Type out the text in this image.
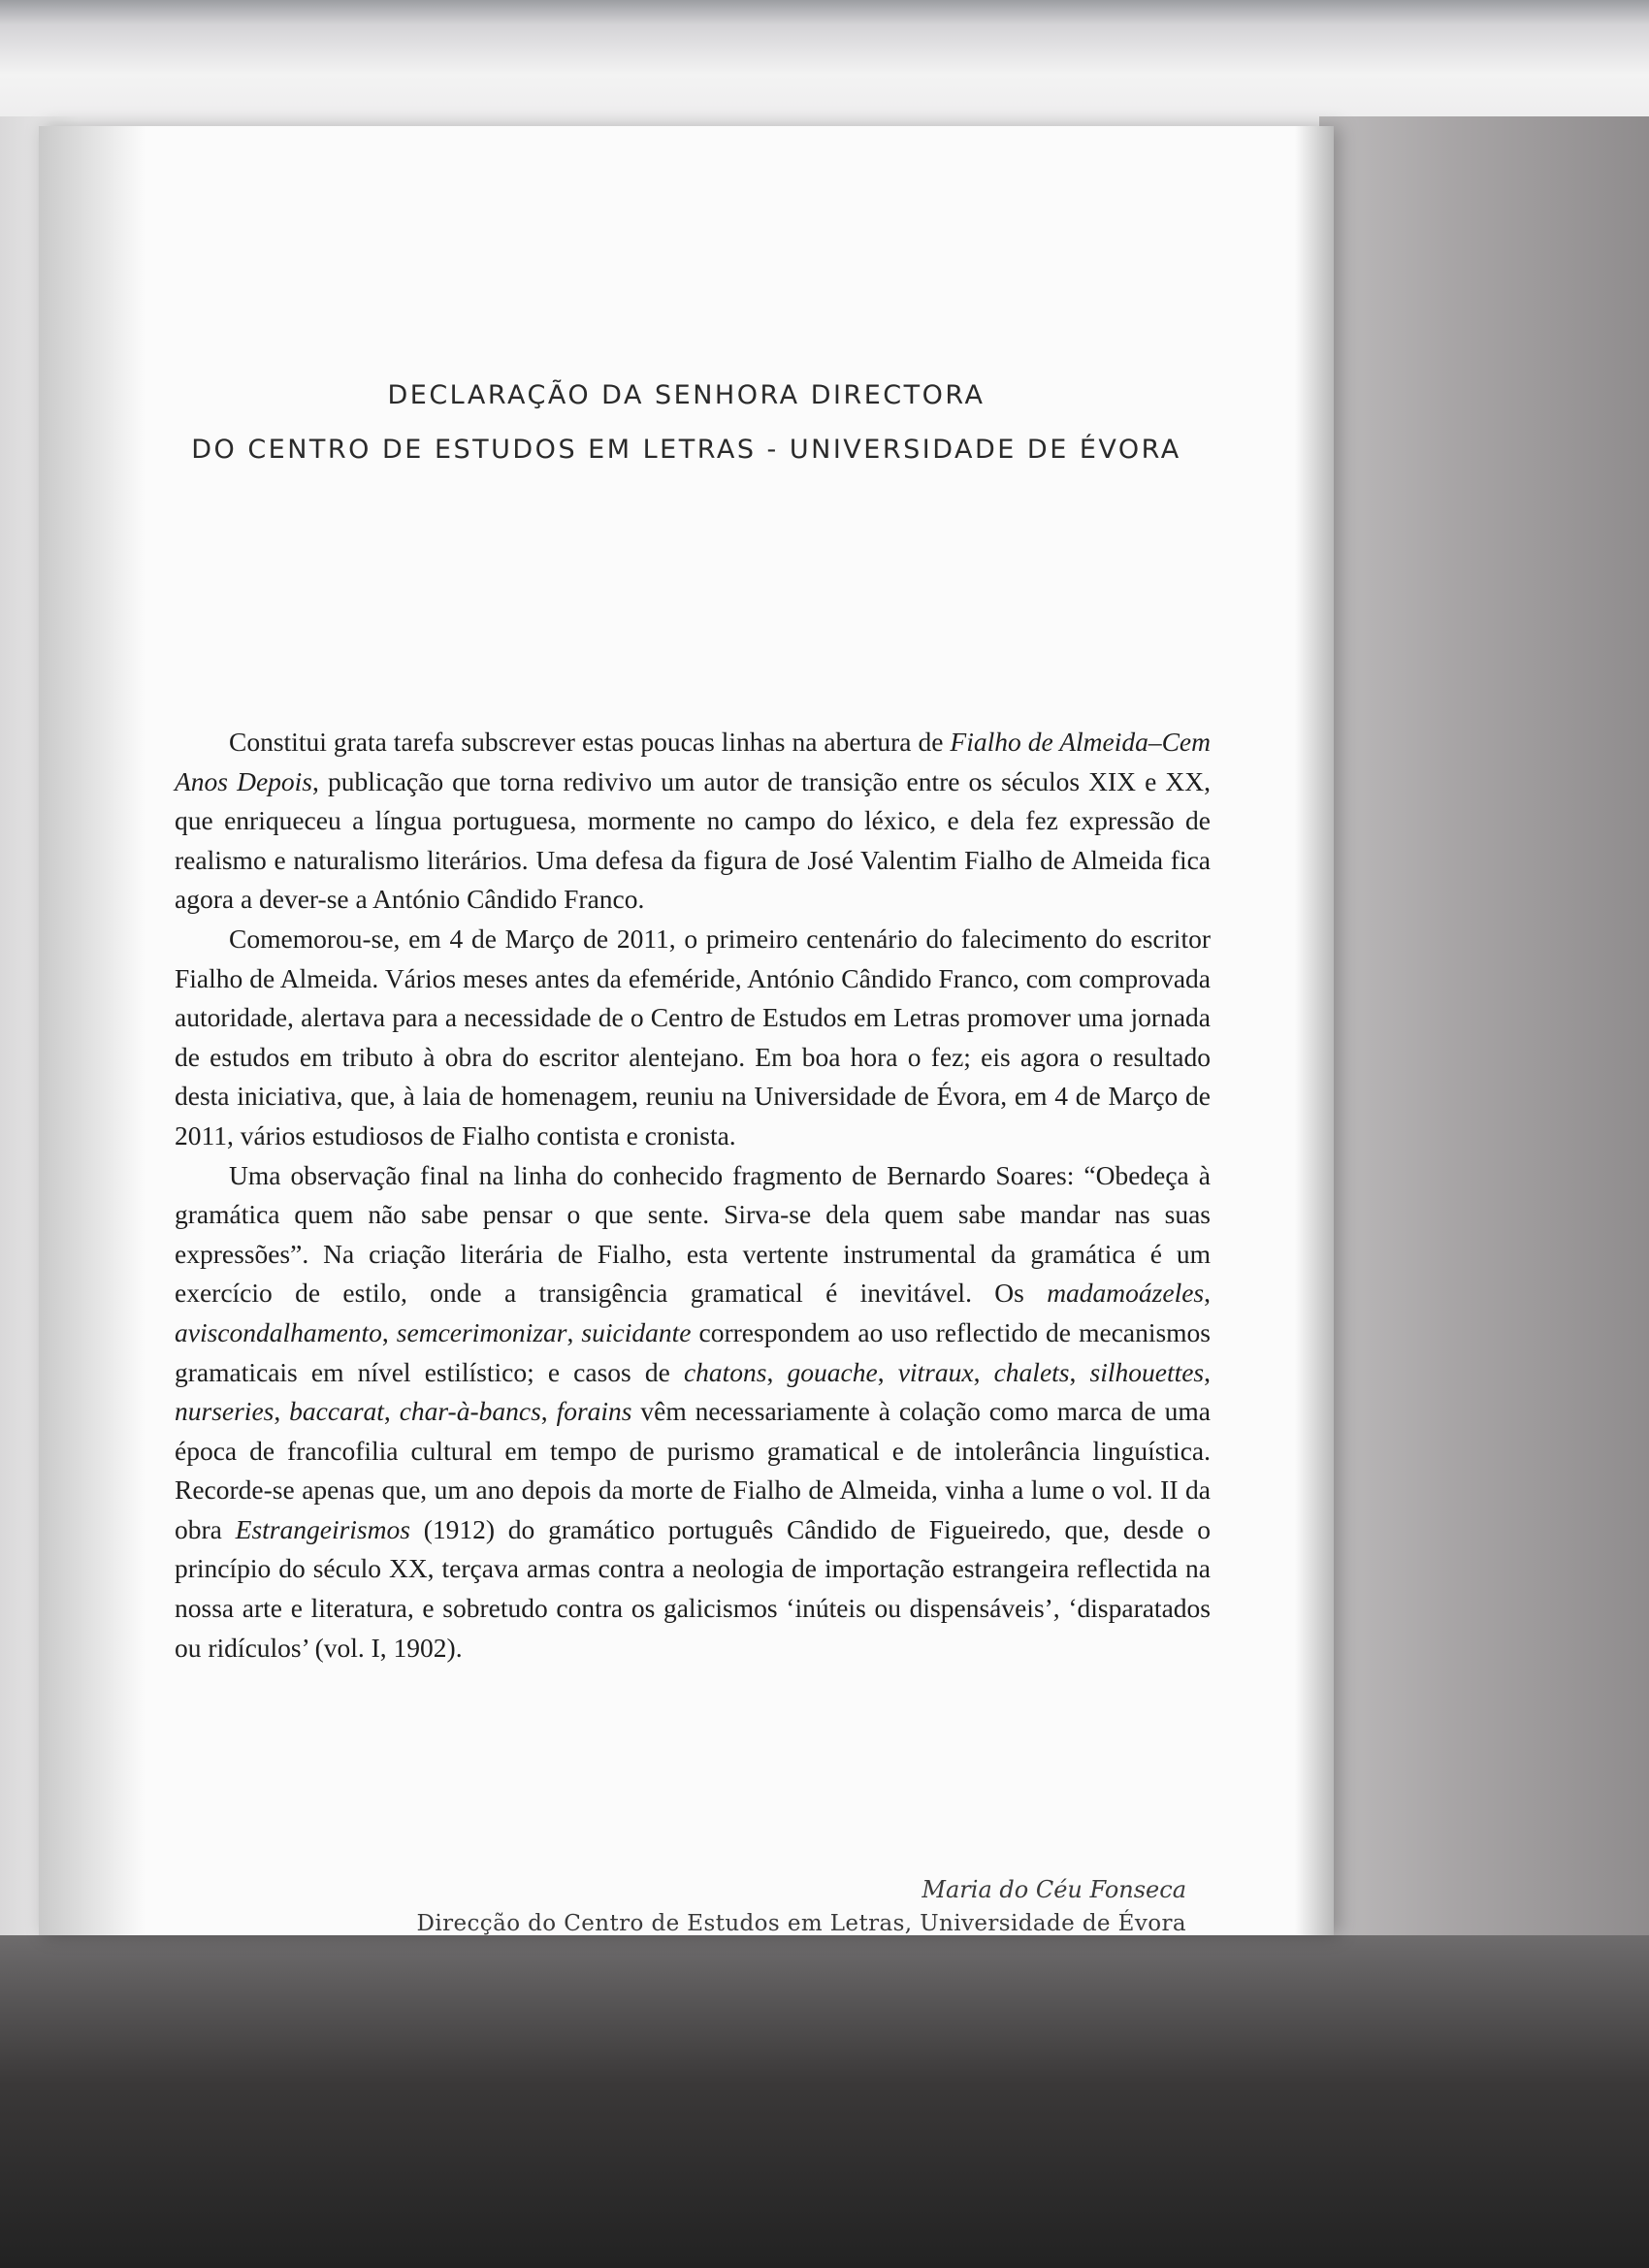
DECLARAÇÃO DA SENHORA DIRECTORA
DO CENTRO DE ESTUDOS EM LETRAS - UNIVERSIDADE DE ÉVORA

Constitui grata tarefa subscrever estas poucas linhas na abertura de Fialho de Almeida–Cem Anos Depois, publicação que torna redivivo um autor de transição entre os séculos XIX e XX, que enriqueceu a língua portuguesa, mormente no campo do léxico, e dela fez expressão de realismo e naturalismo literários. Uma defesa da figura de José Valentim Fialho de Almeida fica agora a dever-se a António Cândido Franco.

Comemorou-se, em 4 de Março de 2011, o primeiro centenário do falecimento do escritor Fialho de Almeida. Vários meses antes da efeméride, António Cândido Franco, com comprovada autoridade, alertava para a necessidade de o Centro de Estudos em Letras promover uma jornada de estudos em tributo à obra do escritor alentejano. Em boa hora o fez; eis agora o resultado desta iniciativa, que, à laia de homenagem, reuniu na Universidade de Évora, em 4 de Março de 2011, vários estudiosos de Fialho contista e cronista.

Uma observação final na linha do conhecido fragmento de Bernardo Soares: “Obedeça à gramática quem não sabe pensar o que sente. Sirva-se dela quem sabe mandar nas suas expressões”. Na criação literária de Fialho, esta vertente instrumental da gramática é um exercício de estilo, onde a transigência gramatical é inevitável. Os madamoázeles, aviscondalhamento, semcerimonizar, suicidante correspondem ao uso reflectido de mecanismos gramaticais em nível estilístico; e casos de chatons, gouache, vitraux, chalets, silhouettes, nurseries, baccarat, char-à-bancs, forains vêm necessariamente à colação como marca de uma época de francofilia cultural em tempo de purismo gramatical e de intolerância linguística. Recorde-se apenas que, um ano depois da morte de Fialho de Almeida, vinha a lume o vol. II da obra Estrangeirismos (1912) do gramático português Cândido de Figueiredo, que, desde o princípio do século XX, terçava armas contra a neologia de importação estrangeira reflectida na nossa arte e literatura, e sobretudo contra os galicismos ‘inúteis ou dispensáveis’, ‘disparatados ou ridículos’ (vol. I, 1902).

Maria do Céu Fonseca
Direcção do Centro de Estudos em Letras, Universidade de Évora
